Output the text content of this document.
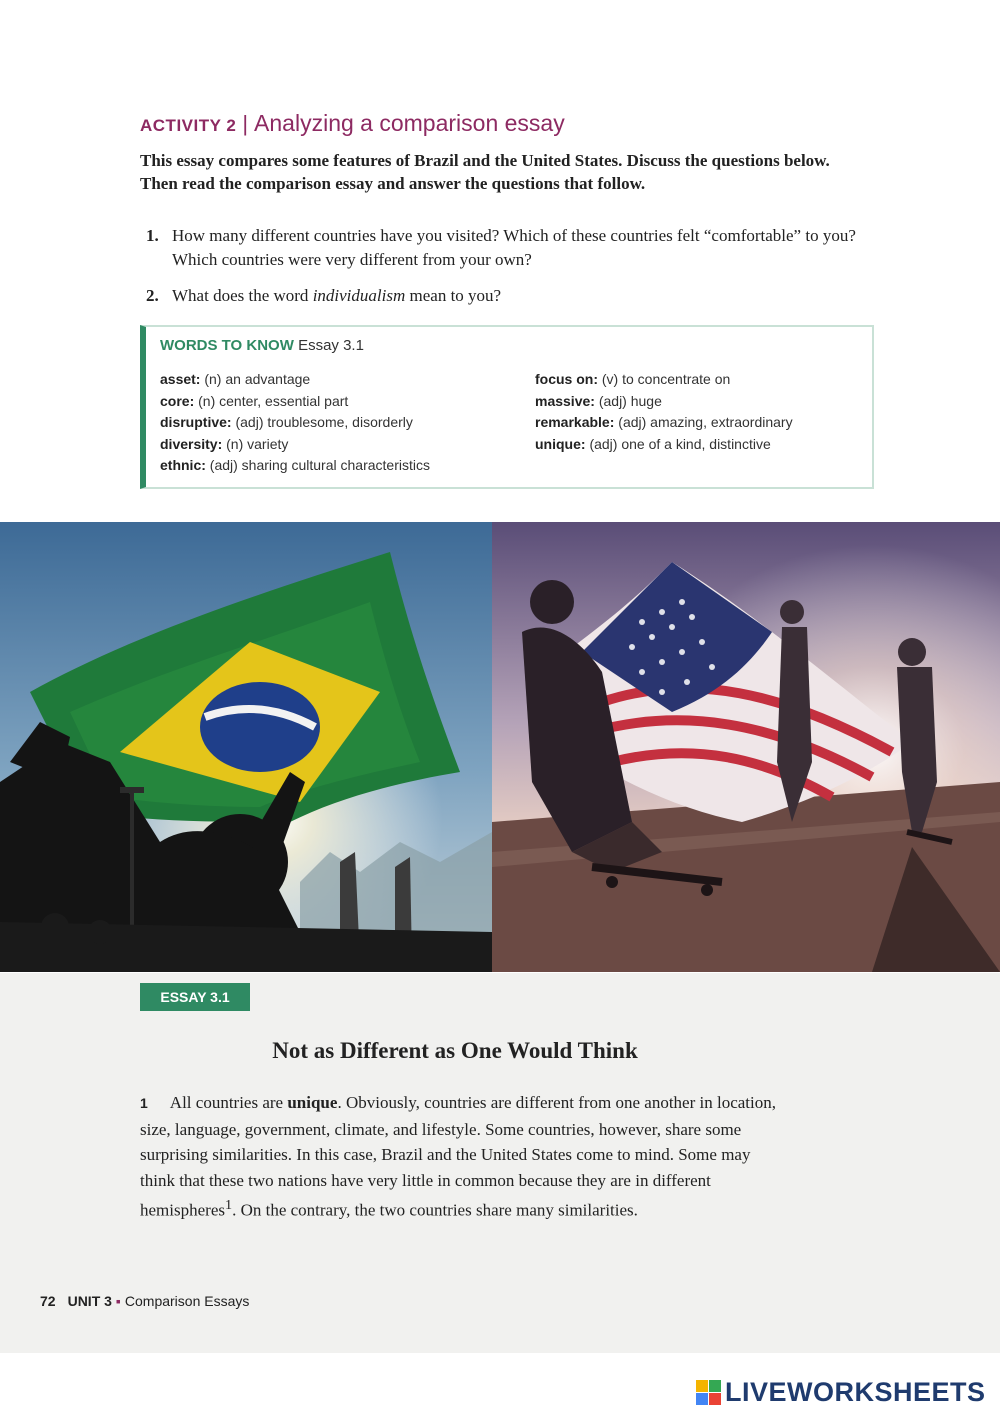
ACTIVITY 2 | Analyzing a comparison essay

This essay compares some features of Brazil and the United States. Discuss the questions below. Then read the comparison essay and answer the questions that follow.

1. How many different countries have you visited? Which of these countries felt “comfortable” to you? Which countries were very different from your own?
2. What does the word individualism mean to you?
WORDS TO KNOW Essay 3.1
asset: (n) an advantage
core: (n) center, essential part
disruptive: (adj) troublesome, disorderly
diversity: (n) variety
ethnic: (adj) sharing cultural characteristics
focus on: (v) to concentrate on
massive: (adj) huge
remarkable: (adj) amazing, extraordinary
unique: (adj) one of a kind, distinctive
ESSAY 3.1
Not as Different as One Would Think

1 All countries are unique. Obviously, countries are different from one another in location, size, language, government, climate, and lifestyle. Some countries, however, share some surprising similarities. In this case, Brazil and the United States come to mind. Some may think that these two nations have very little in common because they are in different hemispheres$^1$. On the contrary, the two countries share many similarities.

72 UNIT 3 ▪ Comparison Essays
LIVEWORKSHEETS
